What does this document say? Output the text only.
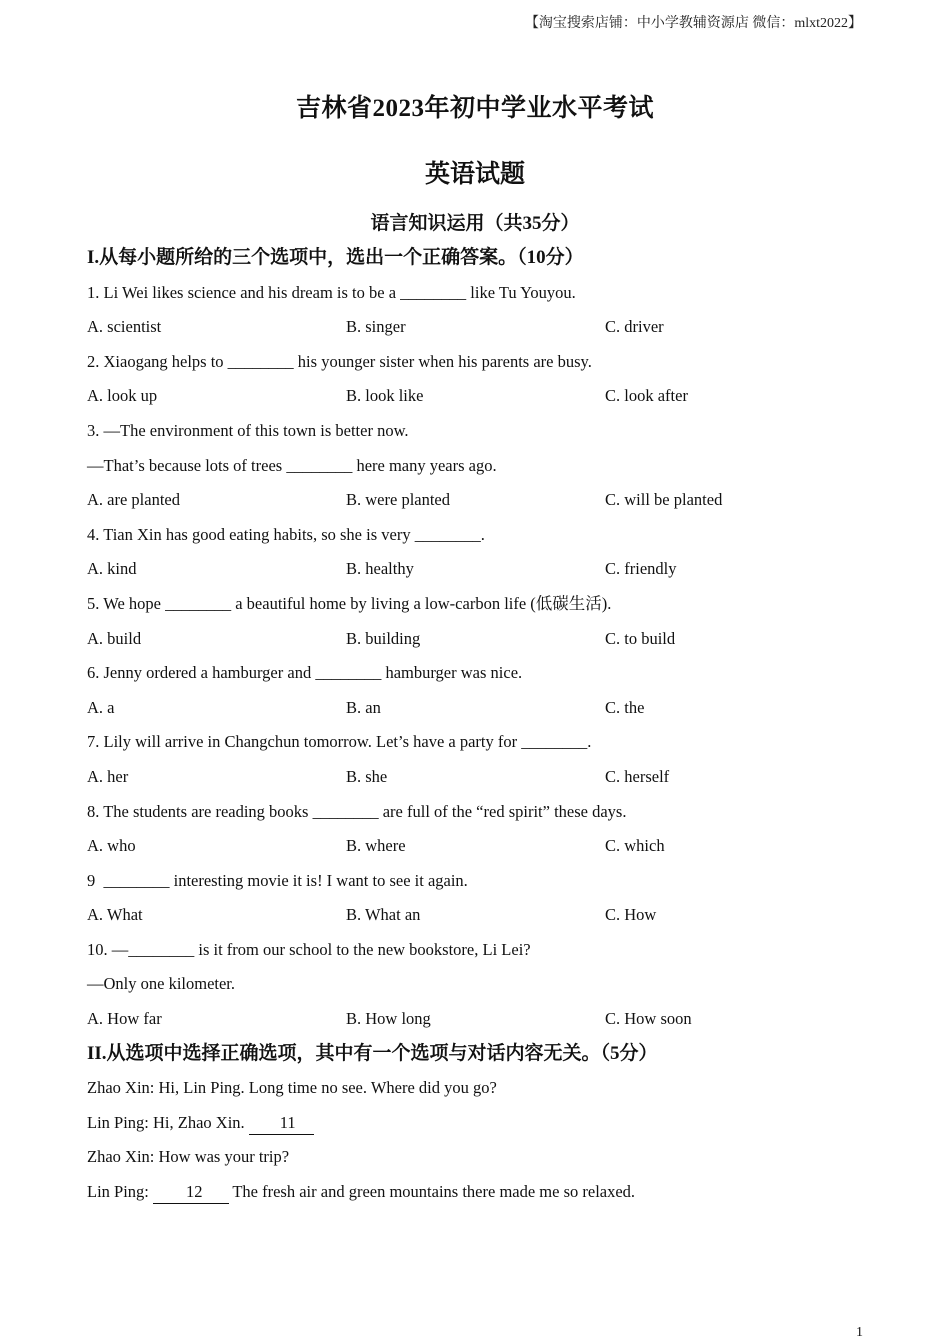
【淘宝搜索店铺：中小学教辅资源店 微信：mlxt2022】
吉林省2023年初中学业水平考试
英语试题
语言知识运用（共35分）
I.从每小题所给的三个选项中，选出一个正确答案。（10分）
1. Li Wei likes science and his dream is to be a ________ like Tu Youyou.
A. scientist	B. singer	C. driver
2. Xiaogang helps to ________ his younger sister when his parents are busy.
A. look up	B. look like	C. look after
3. —The environment of this town is better now.
—That’s because lots of trees ________ here many years ago.
A. are planted	B. were planted	C. will be planted
4. Tian Xin has good eating habits, so she is very ________.
A. kind	B. healthy	C. friendly
5. We hope ________ a beautiful home by living a low-carbon life (低碳生活).
A. build	B. building	C. to build
6. Jenny ordered a hamburger and ________ hamburger was nice.
A. a	B. an	C. the
7. Lily will arrive in Changchun tomorrow. Let’s have a party for ________.
A. her	B. she	C. herself
8. The students are reading books ________ are full of the “red spirit” these days.
A. who	B. where	C. which
9  ________ interesting movie it is! I want to see it again.
A. What	B. What an	C. How
10. —________ is it from our school to the new bookstore, Li Lei?
—Only one kilometer.
A. How far	B. How long	C. How soon
II.从选项中选择正确选项，其中有一个选项与对话内容无关。（5分）
Zhao Xin: Hi, Lin Ping. Long time no see. Where did you go?
Lin Ping: Hi, Zhao Xin. 11
Zhao Xin: How was your trip?
Lin Ping: 12 The fresh air and green mountains there made me so relaxed.
1
